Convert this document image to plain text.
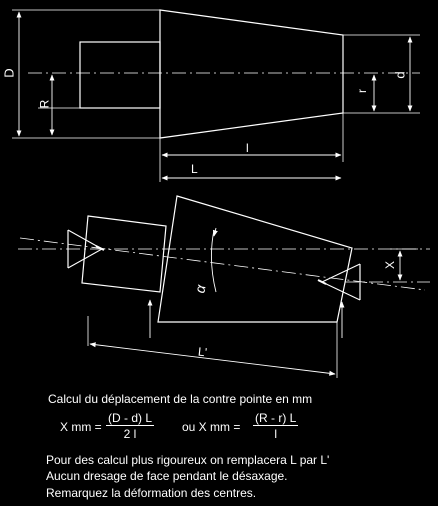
D
R
d
r
l
L
X
α
L'
Calcul du déplacement de la contre pointe en mm
X mm = $\frac{(D - d) L}{2 l}$ ou X mm = $\frac{(R - r) L}{l}$
Pour des calcul plus rigoureux on remplacera L par L'
Aucun dresage de face pendant le désaxage.
Remarquez la déformation des centres.
